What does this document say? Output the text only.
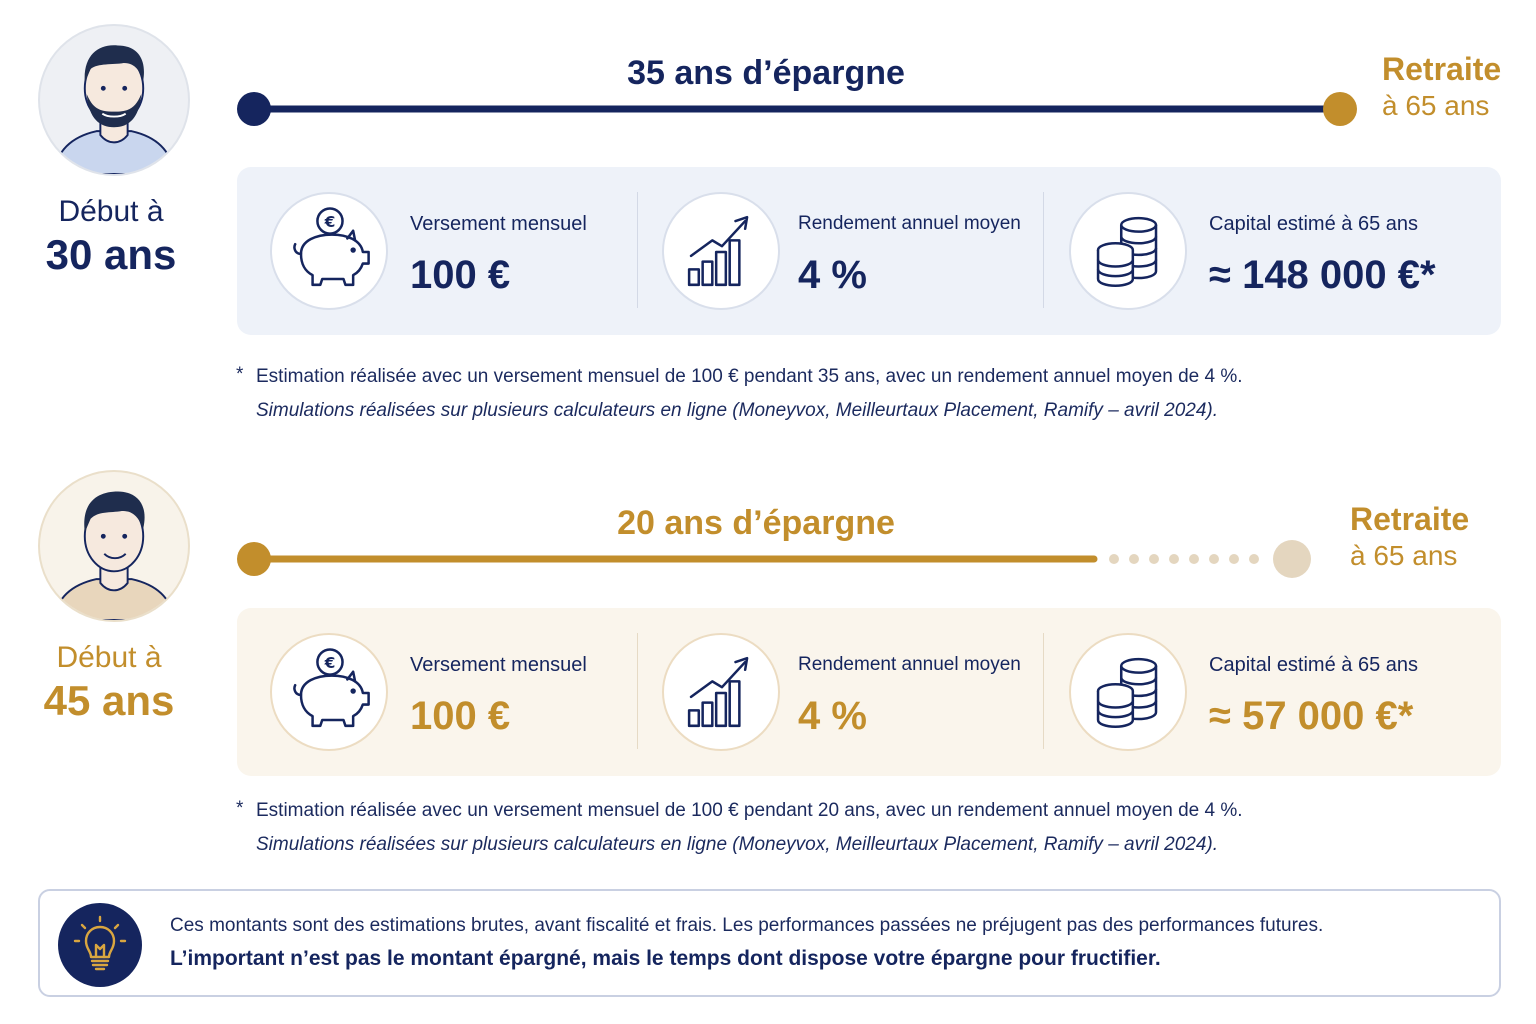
Début à
30 ans
35 ans d’épargne	Retraite
à 65 ans
€	Versement mensuel
100 €
Rendement annuel moyen
4 %
Capital estimé à 65 ans
≈ 148 000 €*
* Estimation réalisée avec un versement mensuel de 100 € pendant 35 ans, avec un rendement annuel moyen de 4 %.
Simulations réalisées sur plusieurs calculateurs en ligne (Moneyvox, Meilleurtaux Placement, Ramify – avril 2024).
Début à
45 ans
20 ans d’épargne	Retraite
à 65 ans
€	Versement mensuel
100 €
Rendement annuel moyen
4 %
Capital estimé à 65 ans
≈ 57 000 €*
* Estimation réalisée avec un versement mensuel de 100 € pendant 20 ans, avec un rendement annuel moyen de 4 %.
Simulations réalisées sur plusieurs calculateurs en ligne (Moneyvox, Meilleurtaux Placement, Ramify – avril 2024).
Ces montants sont des estimations brutes, avant fiscalité et frais. Les performances passées ne préjugent pas des performances futures.
L’important n’est pas le montant épargné, mais le temps dont dispose votre épargne pour fructifier.
